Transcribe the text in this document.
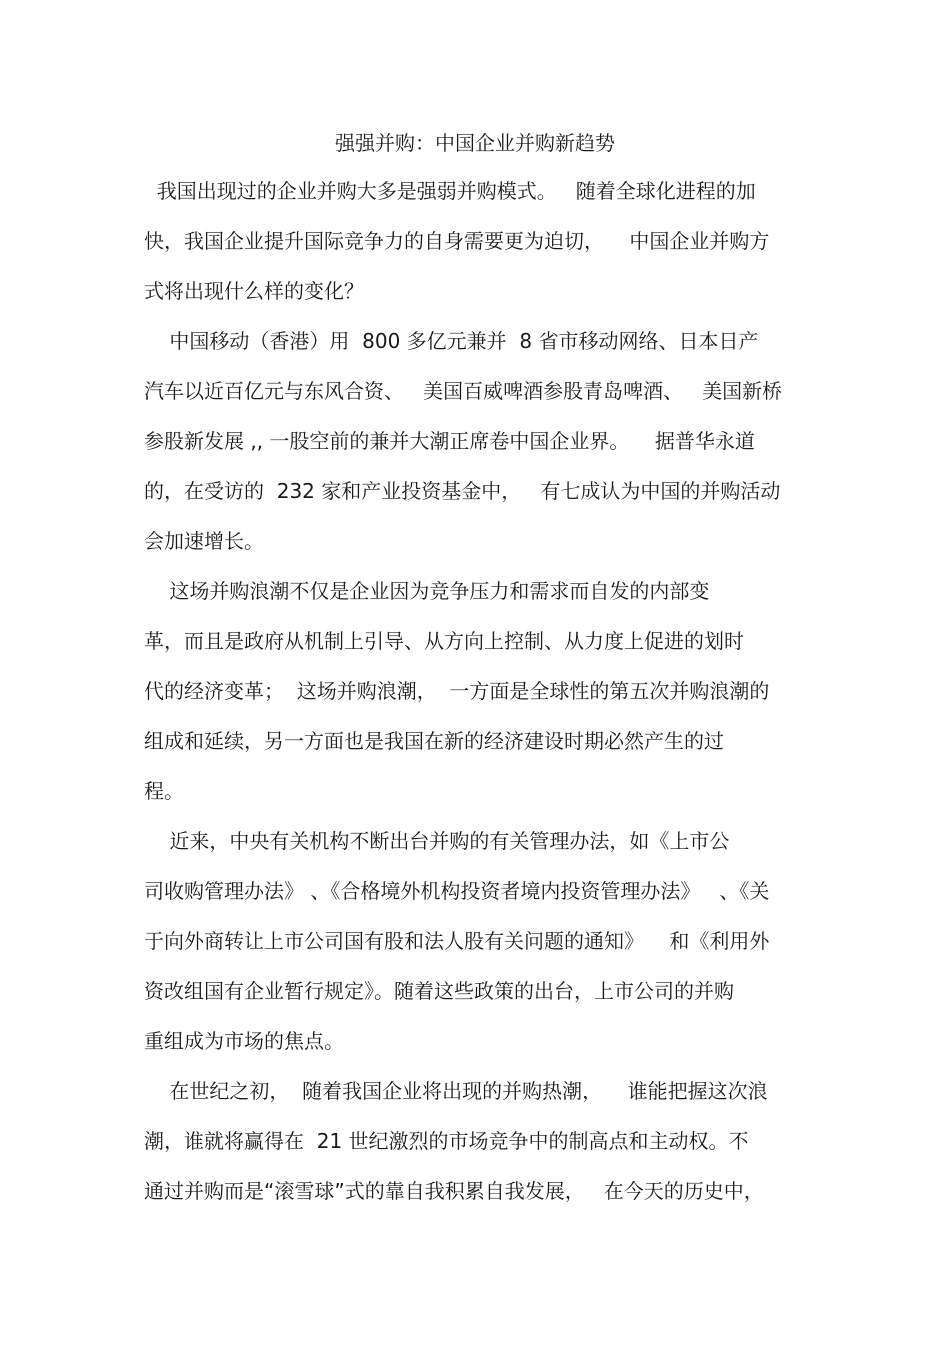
强强并购：中国企业并购新趋势
我国出现过的企业并购大多是强弱并购模式。   随着全球化进程的加
快，我国企业提升国际竞争力的自身需要更为迫切，    中国企业并购方
式将出现什么样的变化？
中国移动（香港）用  800 多亿元兼并  8 省市移动网络、日本日产
汽车以近百亿元与东风合资、   美国百威啤酒参股青岛啤酒、   美国新桥
参股新发展 ,, 一股空前的兼并大潮正席卷中国企业界。    据普华永道
的，在受访的  232 家和产业投资基金中，   有七成认为中国的并购活动
会加速增长。
这场并购浪潮不仅是企业因为竞争压力和需求而自发的内部变
革，而且是政府从机制上引导、从方向上控制、从力度上促进的划时
代的经济变革；  这场并购浪潮，  一方面是全球性的第五次并购浪潮的
组成和延续，另一方面也是我国在新的经济建设时期必然产生的过
程。
近来，中央有关机构不断出台并购的有关管理办法，如《上市公
司收购管理办法》 、《合格境外机构投资者境内投资管理办法》   、《关
于向外商转让上市公司国有股和法人股有关问题的通知》    和《利用外
资改组国有企业暂行规定》。随着这些政策的出台，上市公司的并购
重组成为市场的焦点。
在世纪之初，  随着我国企业将出现的并购热潮，    谁能把握这次浪
潮，谁就将赢得在  21 世纪激烈的市场竞争中的制高点和主动权。不
通过并购而是“滚雪球”式的靠自我积累自我发展，   在今天的历史中，
